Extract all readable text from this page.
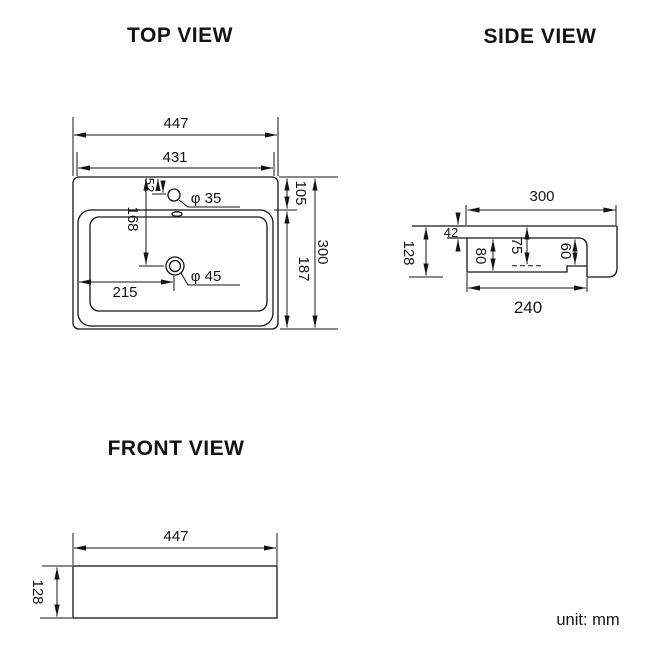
TOP VIEW
447
431
52
168
215
φ 35
φ 45
105
187
300
SIDE VIEW
300
42
128	80
75 60
240
FRONT VIEW
447
128
unit: mm
